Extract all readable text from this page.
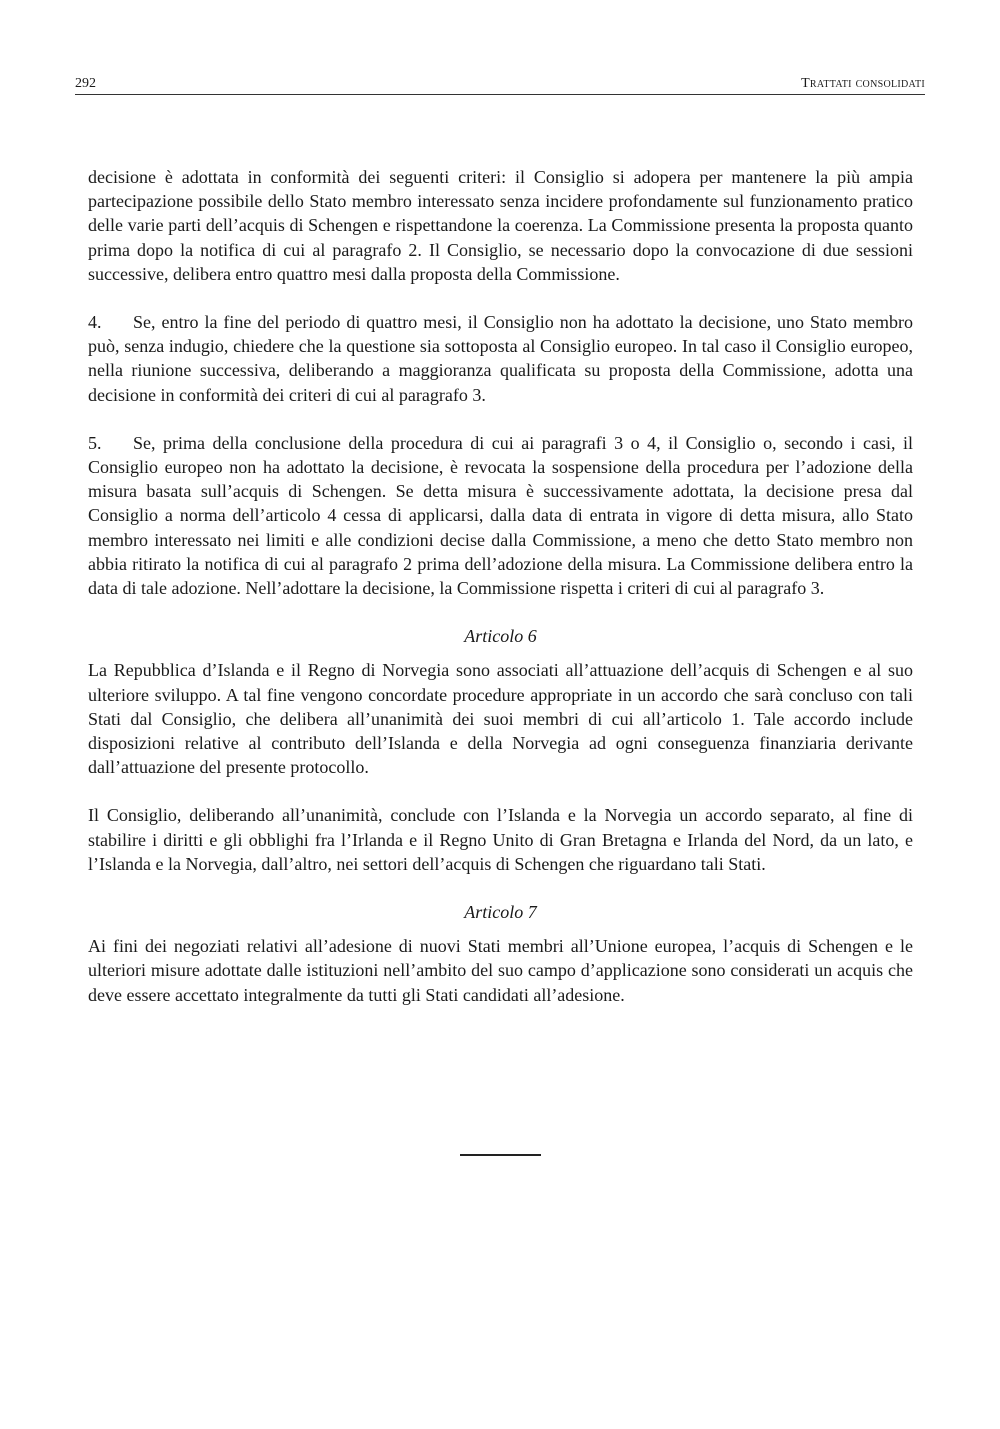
292	Trattati consolidati

decisione è adottata in conformità dei seguenti criteri: il Consiglio si adopera per mantenere la più ampia partecipazione possibile dello Stato membro interessato senza incidere profondamente sul funzionamento pratico delle varie parti dell’acquis di Schengen e rispettandone la coerenza. La Commissione presenta la proposta quanto prima dopo la notifica di cui al paragrafo 2. Il Consiglio, se necessario dopo la convocazione di due sessioni successive, delibera entro quattro mesi dalla proposta della Commissione.

4. Se, entro la fine del periodo di quattro mesi, il Consiglio non ha adottato la decisione, uno Stato membro può, senza indugio, chiedere che la questione sia sottoposta al Consiglio europeo. In tal caso il Consiglio europeo, nella riunione successiva, deliberando a maggioranza qualificata su proposta della Commissione, adotta una decisione in conformità dei criteri di cui al paragrafo 3.

5. Se, prima della conclusione della procedura di cui ai paragrafi 3 o 4, il Consiglio o, secondo i casi, il Consiglio europeo non ha adottato la decisione, è revocata la sospensione della procedura per l’adozione della misura basata sull’acquis di Schengen. Se detta misura è successivamente adottata, la decisione presa dal Consiglio a norma dell’articolo 4 cessa di applicarsi, dalla data di entrata in vigore di detta misura, allo Stato membro interessato nei limiti e alle condizioni decise dalla Commissione, a meno che detto Stato membro non abbia ritirato la notifica di cui al paragrafo 2 prima dell’adozione della misura. La Commissione delibera entro la data di tale adozione. Nell’adottare la decisione, la Commissione rispetta i criteri di cui al paragrafo 3.

Articolo 6

La Repubblica d’Islanda e il Regno di Norvegia sono associati all’attuazione dell’acquis di Schengen e al suo ulteriore sviluppo. A tal fine vengono concordate procedure appropriate in un accordo che sarà concluso con tali Stati dal Consiglio, che delibera all’unanimità dei suoi membri di cui all’articolo 1. Tale accordo include disposizioni relative al contributo dell’Islanda e della Norvegia ad ogni conseguenza finanziaria derivante dall’attuazione del presente protocollo.

Il Consiglio, deliberando all’unanimità, conclude con l’Islanda e la Norvegia un accordo separato, al fine di stabilire i diritti e gli obblighi fra l’Irlanda e il Regno Unito di Gran Bretagna e Irlanda del Nord, da un lato, e l’Islanda e la Norvegia, dall’altro, nei settori dell’acquis di Schengen che riguardano tali Stati.

Articolo 7

Ai fini dei negoziati relativi all’adesione di nuovi Stati membri all’Unione europea, l’acquis di Schengen e le ulteriori misure adottate dalle istituzioni nell’ambito del suo campo d’applicazione sono considerati un acquis che deve essere accettato integralmente da tutti gli Stati candidati all’adesione.
